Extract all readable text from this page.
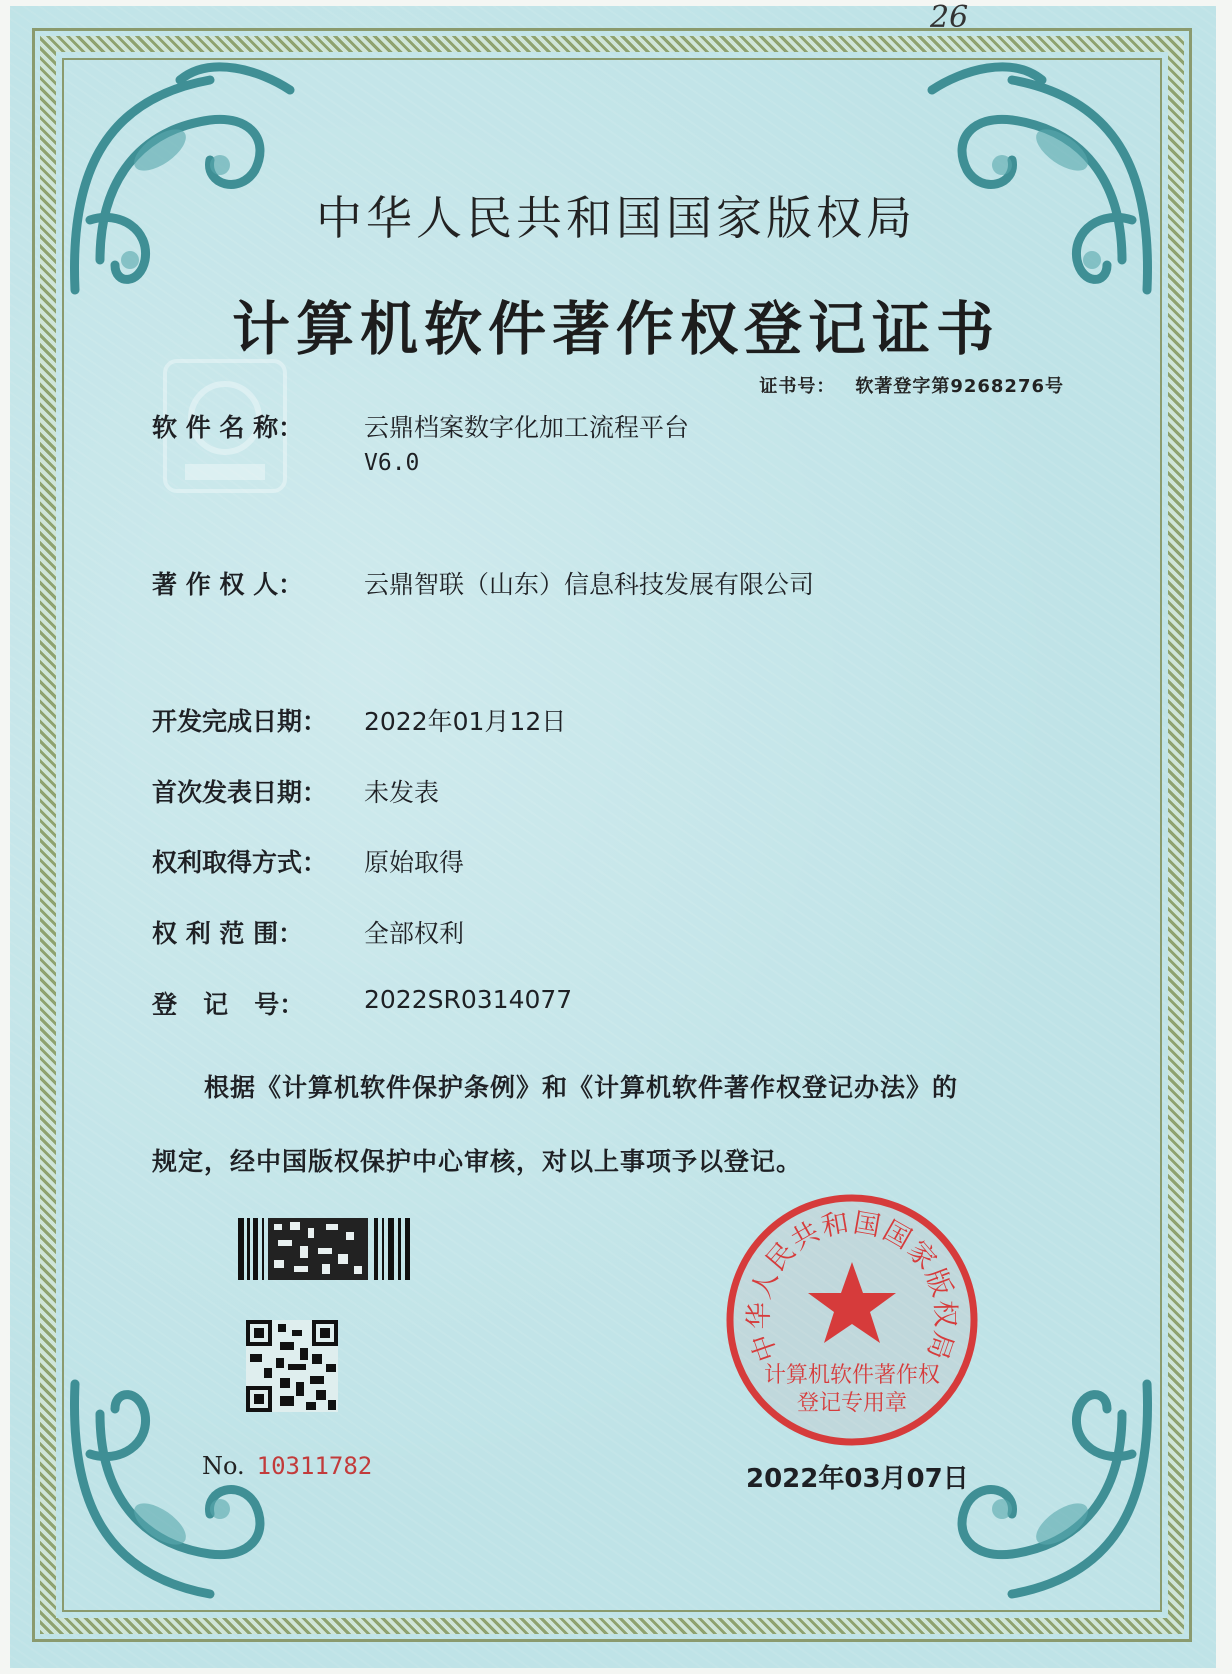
26
中华人民共和国国家版权局
计算机软件著作权登记证书
证书号： 软著登字第9268276号
软 件 名 称： 云鼎档案数字化加工流程平台
V6.0
著 作 权 人： 云鼎智联（山东）信息科技发展有限公司
开发完成日期： 2022年01月12日
首次发表日期： 未发表
权利取得方式： 原始取得
权 利 范 围： 全部权利
登   记   号： 2022SR0314077
根据《计算机软件保护条例》和《计算机软件著作权登记办法》的
规定，经中国版权保护中心审核，对以上事项予以登记。
No. 10311782
中华人民共和国国家版权局
计算机软件著作权
登记专用章
2022年03月07日
